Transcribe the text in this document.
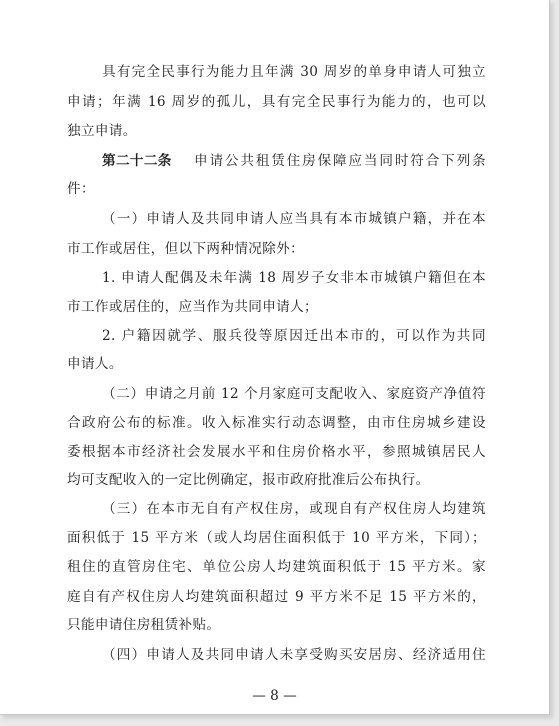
具有完全民事行为能力且年满 30 周岁的单身申请人可独立
申请；年满 16 周岁的孤儿，具有完全民事行为能力的，也可以
独立申请。
第二十二条 申请公共租赁住房保障应当同时符合下列条
件：
（一）申请人及共同申请人应当具有本市城镇户籍，并在本
市工作或居住，但以下两种情况除外：
1. 申请人配偶及未年满 18 周岁子女非本市城镇户籍但在本
市工作或居住的，应当作为共同申请人；
2. 户籍因就学、服兵役等原因迁出本市的，可以作为共同
申请人。
（二）申请之月前 12 个月家庭可支配收入、家庭资产净值符
合政府公布的标准。收入标准实行动态调整，由市住房城乡建设
委根据本市经济社会发展水平和住房价格水平，参照城镇居民人
均可支配收入的一定比例确定，报市政府批准后公布执行。
（三）在本市无自有产权住房，或现自有产权住房人均建筑
面积低于 15 平方米（或人均居住面积低于 10 平方米，下同）；
租住的直管房住宅、单位公房人均建筑面积低于 15 平方米。家
庭自有产权住房人均建筑面积超过 9 平方米不足 15 平方米的，
只能申请住房租赁补贴。
（四）申请人及共同申请人未享受购买安居房、经济适用住
— 8 —
